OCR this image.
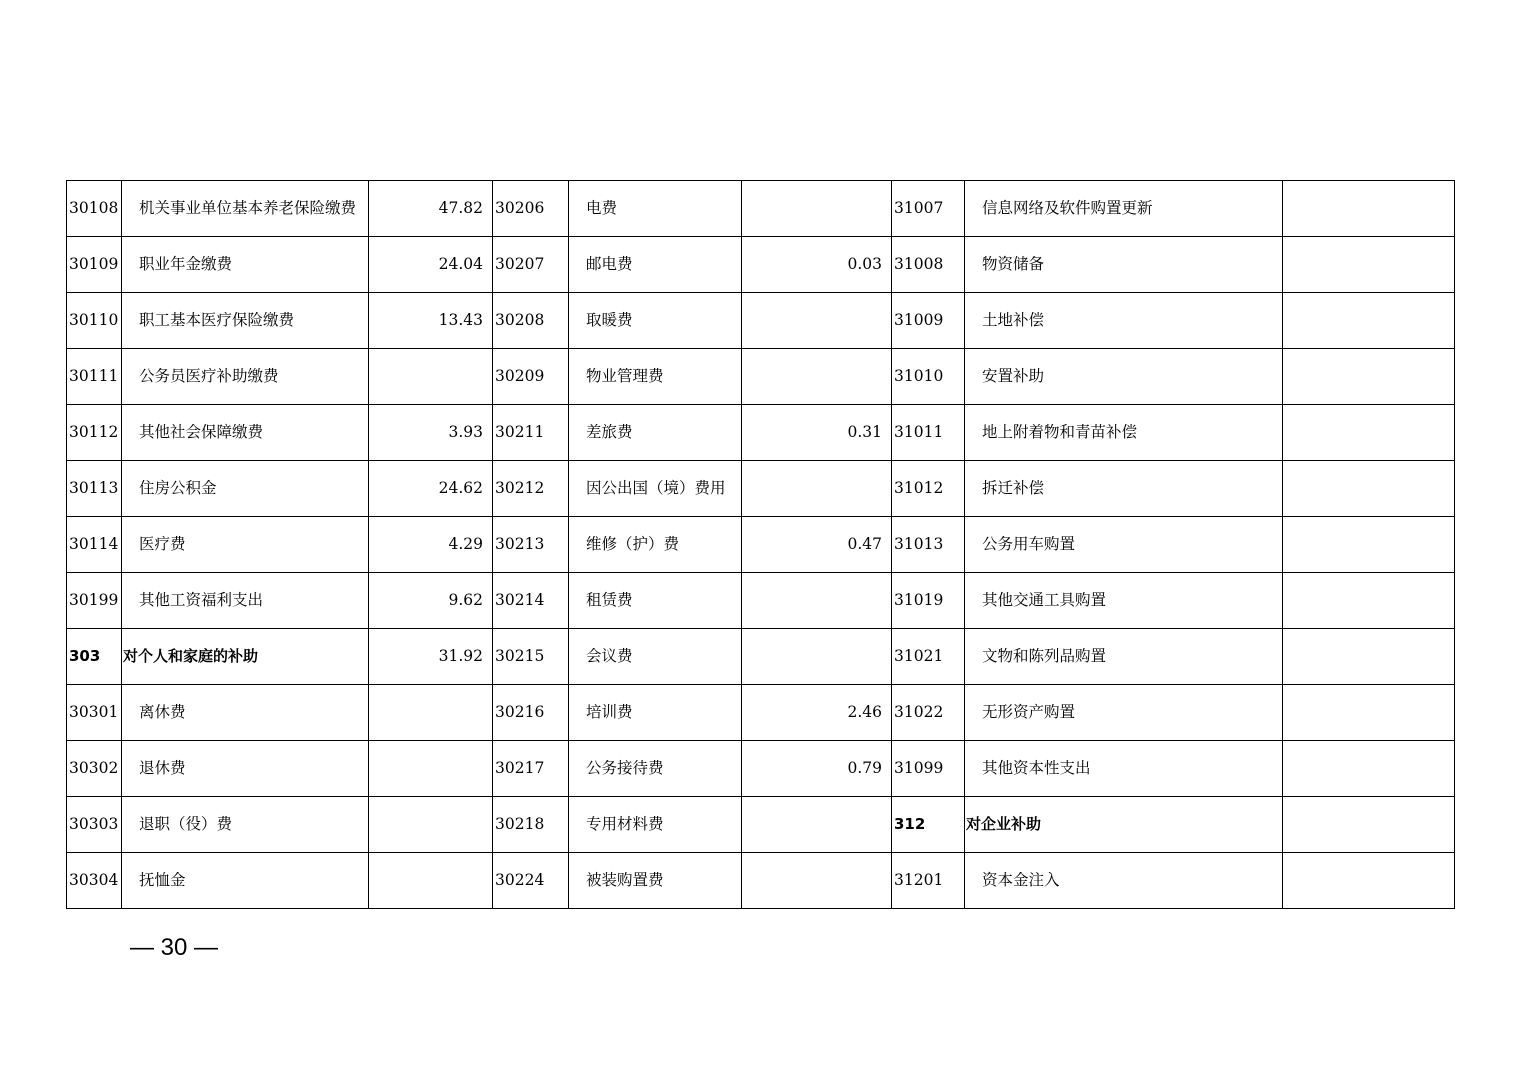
30108	机关事业单位基本养老保险缴费	47.82	30206	电费		31007	信息网络及软件购置更新	
30109	职业年金缴费	24.04	30207	邮电费	0.03	31008	物资储备	
30110	职工基本医疗保险缴费	13.43	30208	取暖费		31009	土地补偿	
30111	公务员医疗补助缴费		30209	物业管理费		31010	安置补助	
30112	其他社会保障缴费	3.93	30211	差旅费	0.31	31011	地上附着物和青苗补偿	
30113	住房公积金	24.62	30212	因公出国（境）费用		31012	拆迁补偿	
30114	医疗费	4.29	30213	维修（护）费	0.47	31013	公务用车购置	
30199	其他工资福利支出	9.62	30214	租赁费		31019	其他交通工具购置	
303	对个人和家庭的补助	31.92	30215	会议费		31021	文物和陈列品购置	
30301	离休费		30216	培训费	2.46	31022	无形资产购置	
30302	退休费		30217	公务接待费	0.79	31099	其他资本性支出	
30303	退职（役）费		30218	专用材料费		312	对企业补助	
30304	抚恤金		30224	被装购置费		31201	资本金注入	
— 30 —
